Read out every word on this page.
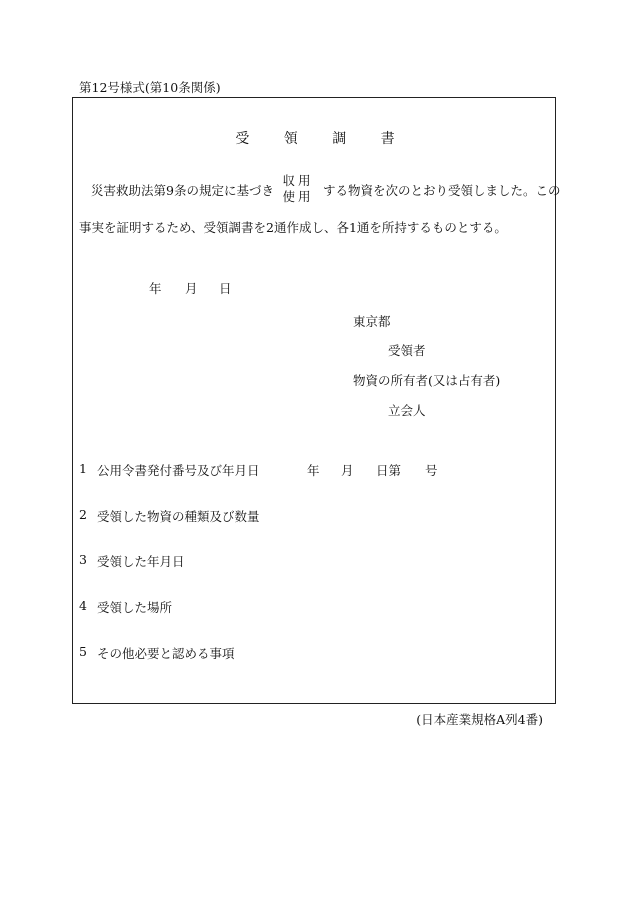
第12号様式(第10条関係)
受 領 調 書
災害救助法第9条の規定に基づき
収用
使用 する物資を次のとおり受領しました。この
事実を証明するため、受領調書を2通作成し、各1通を所持するものとする。
年 月 日
東京都
受領者
物資の所有者(又は占有者)
立会人
1 公用令書発付番号及び年月日	年 月 日第 号
2 受領した物資の種類及び数量
3 受領した年月日
4 受領した場所
5 その他必要と認める事項
(日本産業規格A列4番)
